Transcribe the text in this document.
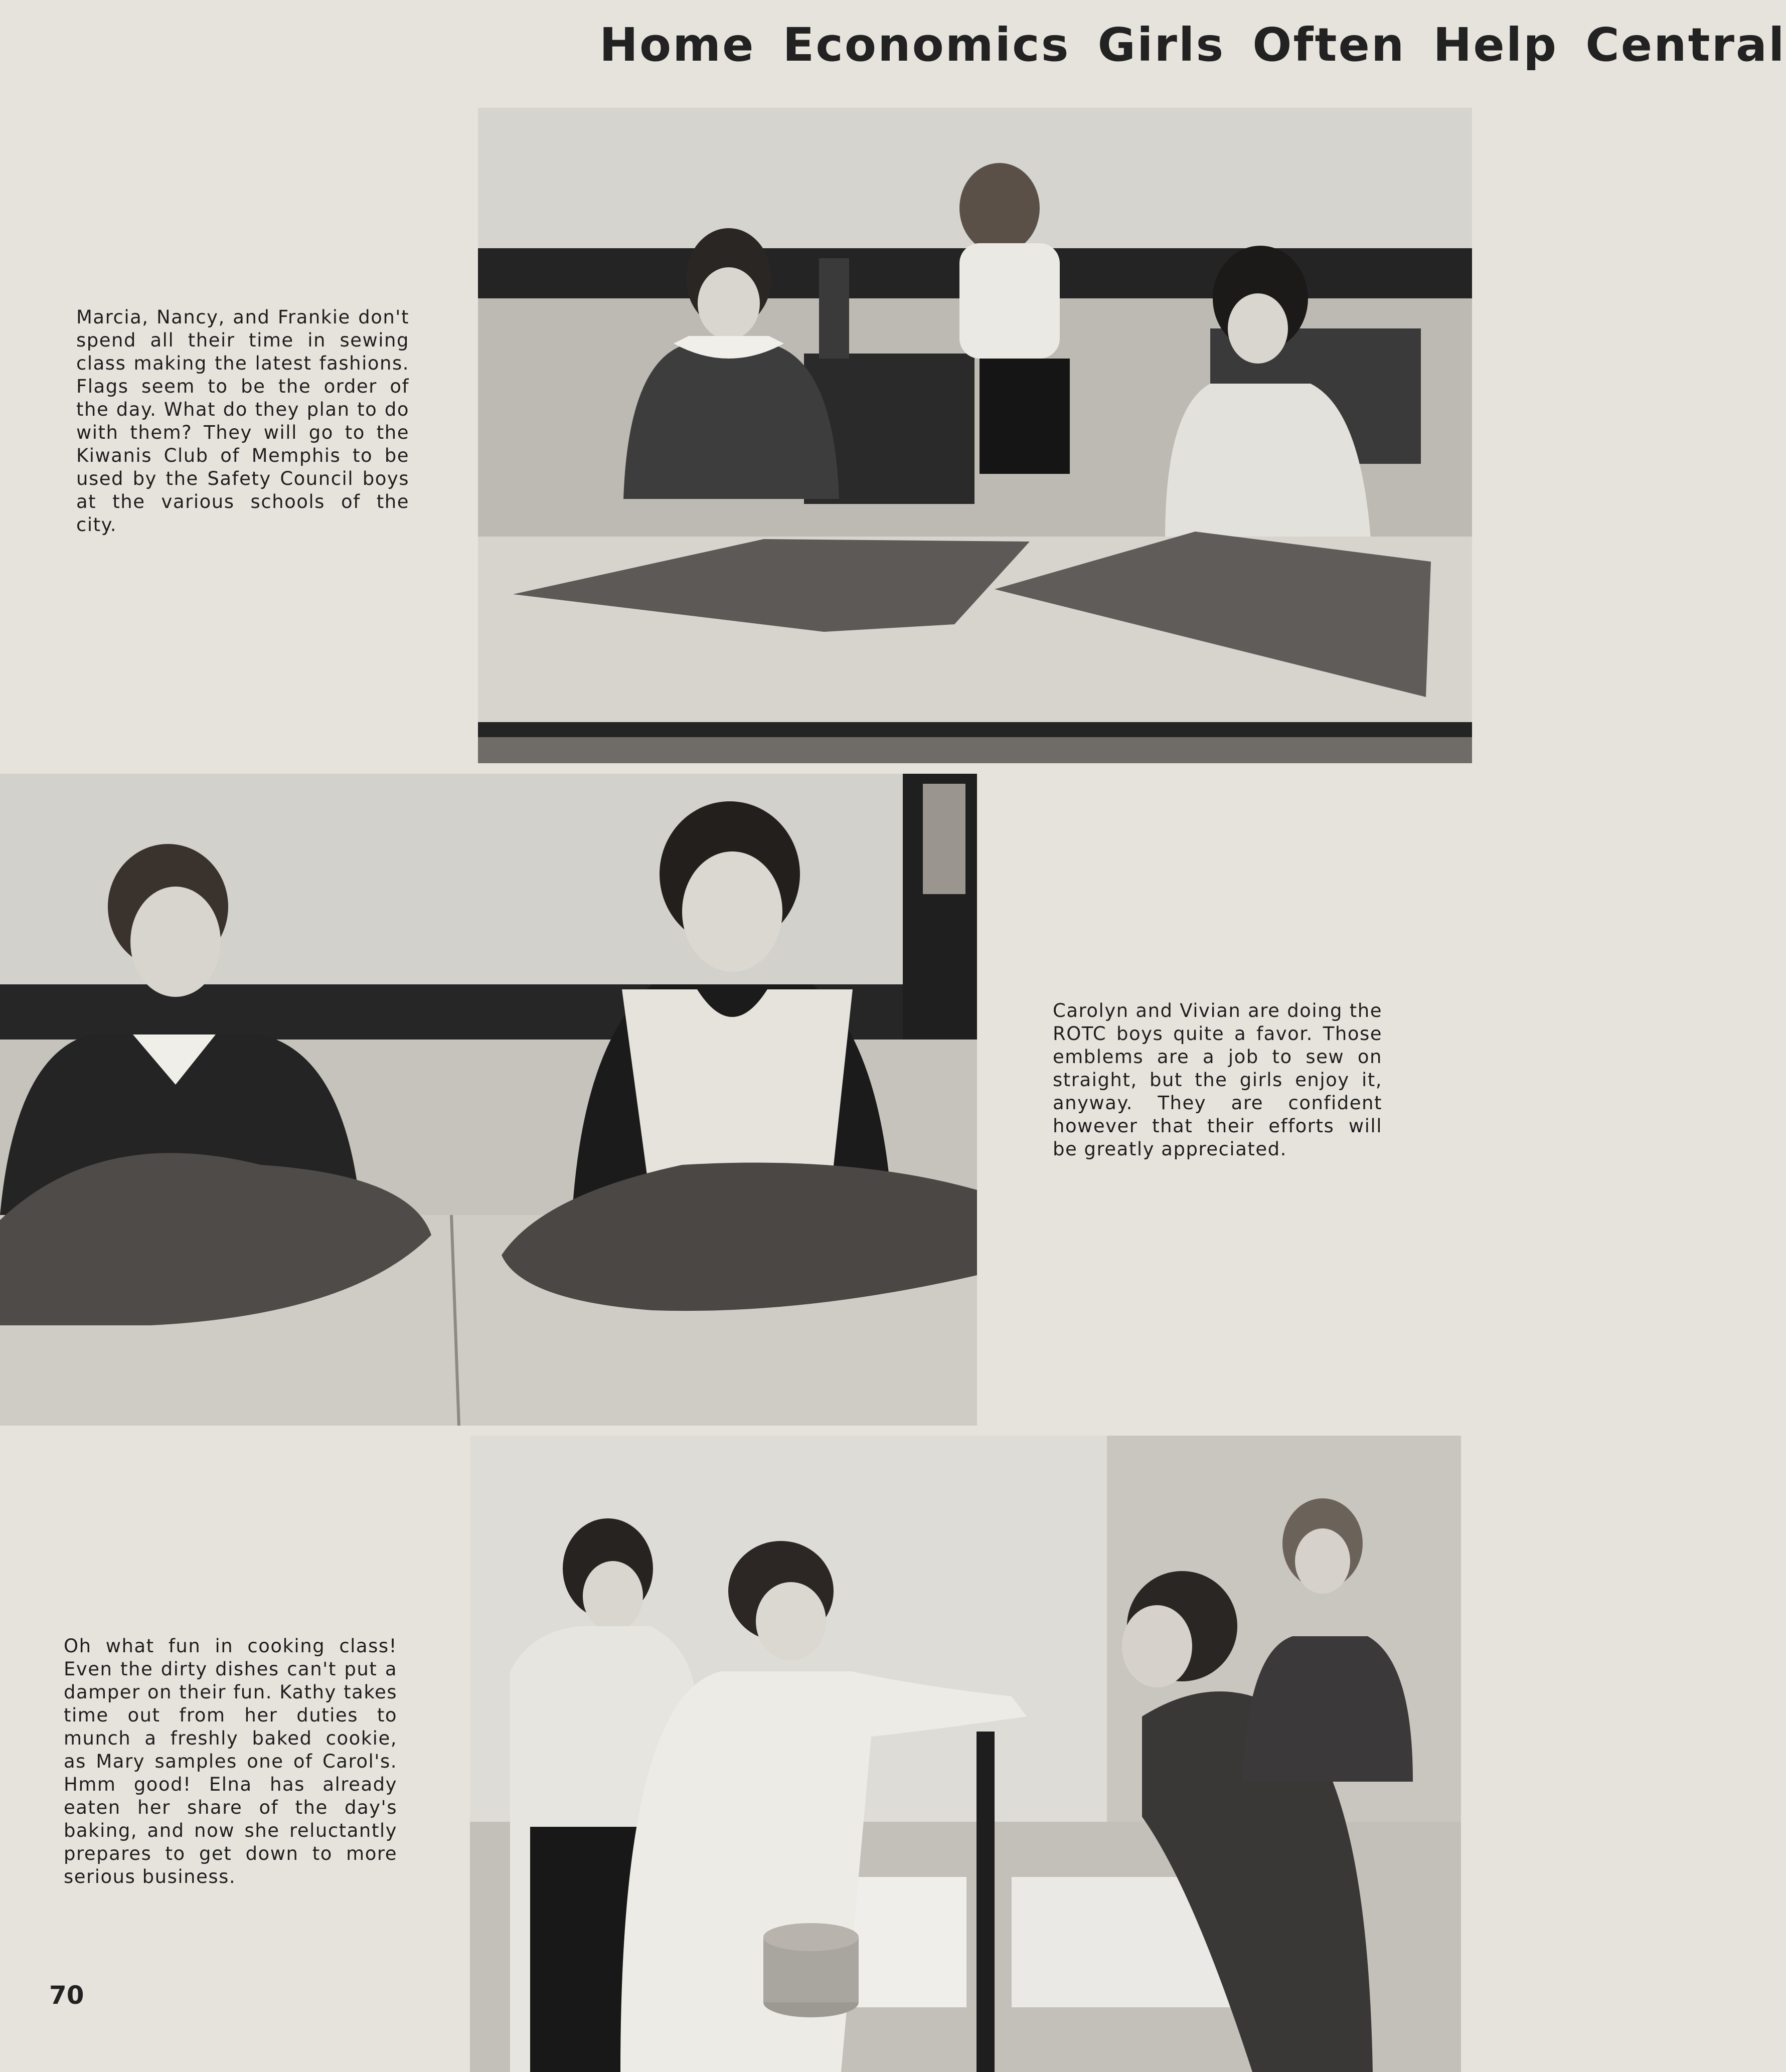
Home Economics Girls Often Help Central
Marcia, Nancy, and Frankie don't spend all their time in sewing class making the latest fashions. Flags seem to be the order of the day. What do they plan to do with them? They will go to the Kiwanis Club of Memphis to be used by the Safety Council boys at the various schools of the city.
Carolyn and Vivian are doing the ROTC boys quite a favor. Those emblems are a job to sew on straight, but the girls enjoy it, anyway. They are confident however that their efforts will be greatly appreciated.
Oh what fun in cooking class! Even the dirty dishes can't put a damper on their fun. Kathy takes time out from her duties to munch a freshly baked cookie, as Mary samples one of Carol's. Hmm good! Elna has already eaten her share of the day's baking, and now she reluctantly prepares to get down to more serious business.
70
